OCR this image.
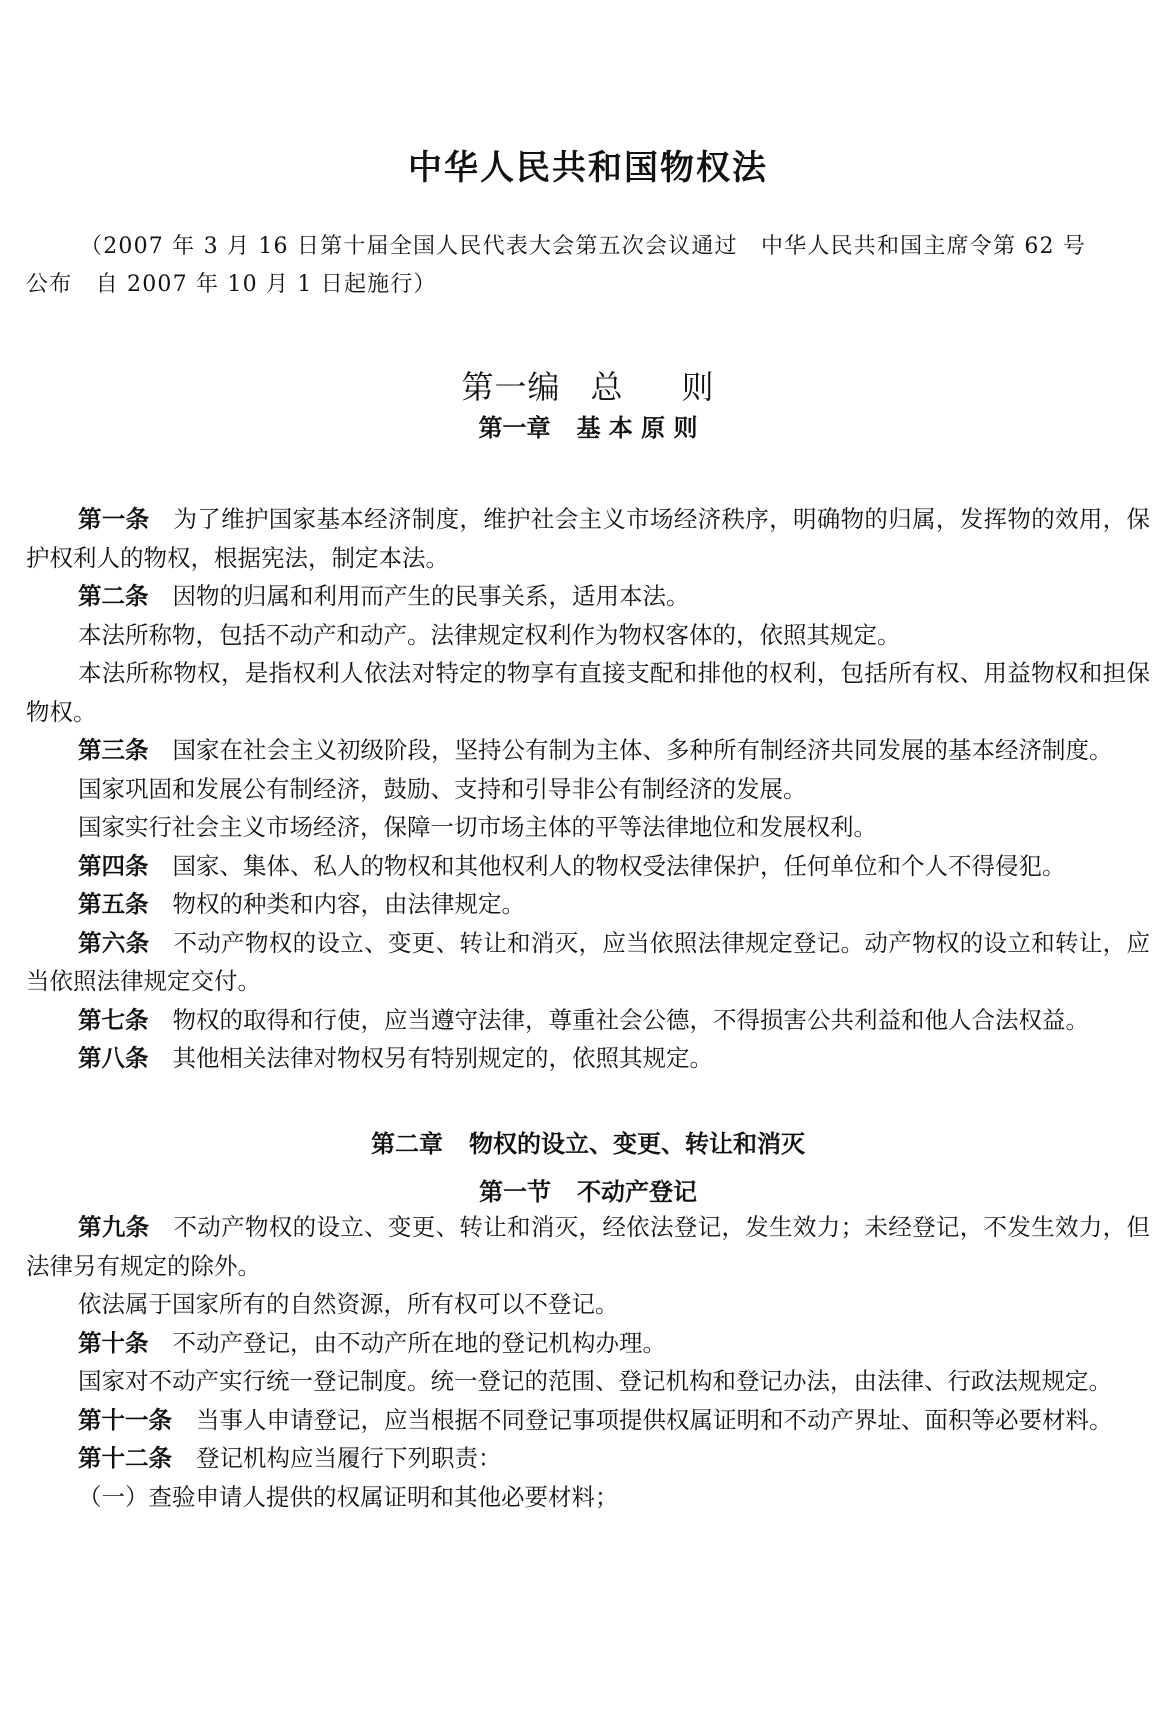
中华人民共和国物权法
（2007 年 3 月 16 日第十届全国人民代表大会第五次会议通过　中华人民共和国主席令第 62 号
公布　自 2007 年 10 月 1 日起施行）
第一编 总 则
第一章 基 本 原 则

第一条 为了维护国家基本经济制度，维护社会主义市场经济秩序，明确物的归属，发挥物的效用，保护权利人的物权，根据宪法，制定本法。

第二条 因物的归属和利用而产生的民事关系，适用本法。

本法所称物，包括不动产和动产。法律规定权利作为物权客体的，依照其规定。

本法所称物权，是指权利人依法对特定的物享有直接支配和排他的权利，包括所有权、用益物权和担保物权。

第三条 国家在社会主义初级阶段，坚持公有制为主体、多种所有制经济共同发展的基本经济制度。

国家巩固和发展公有制经济，鼓励、支持和引导非公有制经济的发展。

国家实行社会主义市场经济，保障一切市场主体的平等法律地位和发展权利。

第四条 国家、集体、私人的物权和其他权利人的物权受法律保护，任何单位和个人不得侵犯。

第五条 物权的种类和内容，由法律规定。

第六条 不动产物权的设立、变更、转让和消灭，应当依照法律规定登记。动产物权的设立和转让，应当依照法律规定交付。

第七条 物权的取得和行使，应当遵守法律，尊重社会公德，不得损害公共利益和他人合法权益。

第八条 其他相关法律对物权另有特别规定的，依照其规定。

第二章 物权的设立、变更、转让和消灭
第一节 不动产登记

第九条 不动产物权的设立、变更、转让和消灭，经依法登记，发生效力；未经登记，不发生效力，但法律另有规定的除外。

依法属于国家所有的自然资源，所有权可以不登记。

第十条 不动产登记，由不动产所在地的登记机构办理。

国家对不动产实行统一登记制度。统一登记的范围、登记机构和登记办法，由法律、行政法规规定。

第十一条 当事人申请登记，应当根据不同登记事项提供权属证明和不动产界址、面积等必要材料。

第十二条 登记机构应当履行下列职责：

（一）查验申请人提供的权属证明和其他必要材料；
